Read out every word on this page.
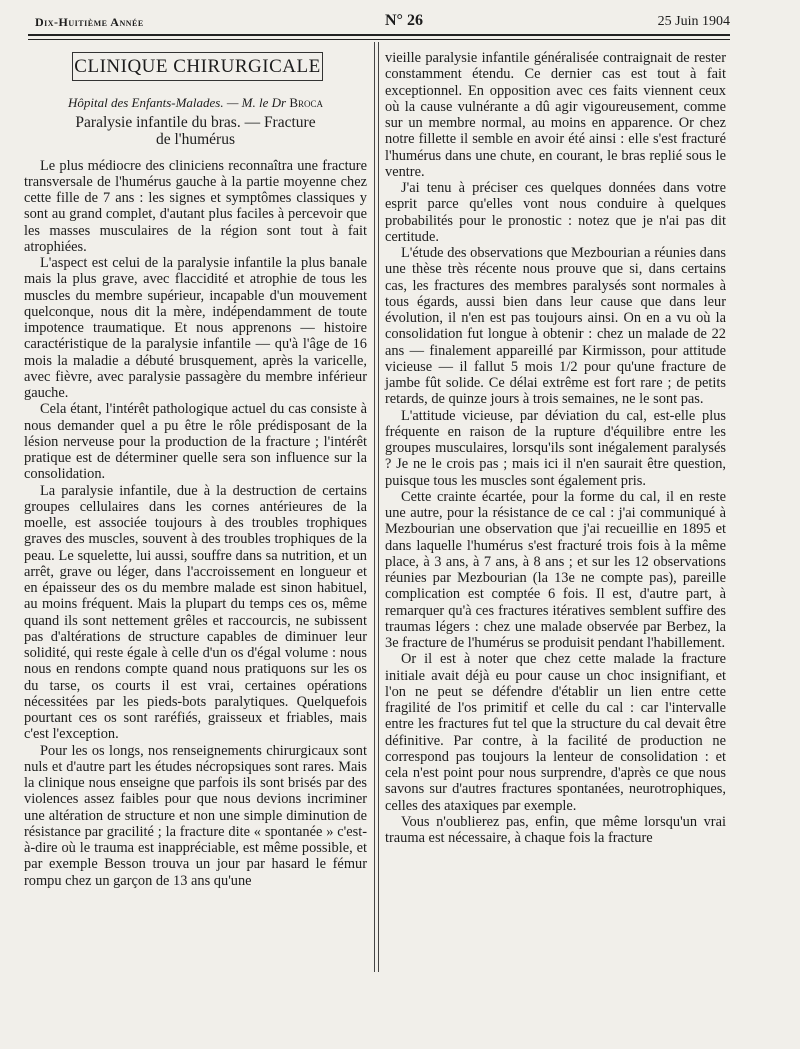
Dix-Huitième Année	N° 26	25 Juin 1904
CLINIQUE CHIRURGICALE
Hôpital des Enfants-Malades. — M. le Dr Broca
Paralysie infantile du bras. — Fracture
de l'humérus

Le plus médiocre des cliniciens reconnaîtra une fracture transversale de l'humérus gauche à la partie moyenne chez cette fille de 7 ans : les signes et symptômes classiques y sont au grand complet, d'autant plus faciles à percevoir que les masses musculaires de la région sont tout à fait atrophiées.

L'aspect est celui de la paralysie infantile la plus banale mais la plus grave, avec flaccidité et atrophie de tous les muscles du membre supérieur, incapable d'un mouvement quelconque, nous dit la mère, indépendamment de toute impotence traumatique. Et nous apprenons — histoire caractéristique de la paralysie infantile — qu'à l'âge de 16 mois la maladie a débuté brusquement, après la varicelle, avec fièvre, avec paralysie passagère du membre inférieur gauche.

Cela étant, l'intérêt pathologique actuel du cas consiste à nous demander quel a pu être le rôle prédisposant de la lésion nerveuse pour la production de la fracture ; l'intérêt pratique est de déterminer quelle sera son influence sur la consolidation.

La paralysie infantile, due à la destruction de certains groupes cellulaires dans les cornes antérieures de la moelle, est associée toujours à des troubles trophiques graves des muscles, souvent à des troubles trophiques de la peau. Le squelette, lui aussi, souffre dans sa nutrition, et un arrêt, grave ou léger, dans l'accroissement en longueur et en épaisseur des os du membre malade est sinon habituel, au moins fréquent. Mais la plupart du temps ces os, même quand ils sont nettement grêles et raccourcis, ne subissent pas d'altérations de structure capables de diminuer leur solidité, qui reste égale à celle d'un os d'égal volume : nous nous en rendons compte quand nous pratiquons sur les os du tarse, os courts il est vrai, certaines opérations nécessitées par les pieds-bots paralytiques. Quelquefois pourtant ces os sont raréfiés, graisseux et friables, mais c'est l'exception.

Pour les os longs, nos renseignements chirurgicaux sont nuls et d'autre part les études nécropsiques sont rares. Mais la clinique nous enseigne que parfois ils sont brisés par des violences assez faibles pour que nous devions incriminer une altération de structure et non une simple diminution de résistance par gracilité ; la fracture dite « spontanée » c'est-à-dire où le trauma est inappréciable, est même possible, et par exemple Besson trouva un jour par hasard le fémur rompu chez un garçon de 13 ans qu'une

vieille paralysie infantile généralisée contraignait de rester constamment étendu. Ce dernier cas est tout à fait exceptionnel. En opposition avec ces faits viennent ceux où la cause vulnérante a dû agir vigoureusement, comme sur un membre normal, au moins en apparence. Or chez notre fillette il semble en avoir été ainsi : elle s'est fracturé l'humérus dans une chute, en courant, le bras replié sous le ventre.

J'ai tenu à préciser ces quelques données dans votre esprit parce qu'elles vont nous conduire à quelques probabilités pour le pronostic : notez que je n'ai pas dit certitude.

L'étude des observations que Mezbourian a réunies dans une thèse très récente nous prouve que si, dans certains cas, les fractures des membres paralysés sont normales à tous égards, aussi bien dans leur cause que dans leur évolution, il n'en est pas toujours ainsi. On en a vu où la consolidation fut longue à obtenir : chez un malade de 22 ans — finalement appareillé par Kirmisson, pour attitude vicieuse — il fallut 5 mois 1/2 pour qu'une fracture de jambe fût solide. Ce délai extrême est fort rare ; de petits retards, de quinze jours à trois semaines, ne le sont pas.

L'attitude vicieuse, par déviation du cal, est-elle plus fréquente en raison de la rupture d'équilibre entre les groupes musculaires, lorsqu'ils sont inégalement paralysés ? Je ne le crois pas ; mais ici il n'en saurait être question, puisque tous les muscles sont également pris.

Cette crainte écartée, pour la forme du cal, il en reste une autre, pour la résistance de ce cal : j'ai communiqué à Mezbourian une observation que j'ai recueillie en 1895 et dans laquelle l'humérus s'est fracturé trois fois à la même place, à 3 ans, à 7 ans, à 8 ans ; et sur les 12 observations réunies par Mezbourian (la 13e ne compte pas), pareille complication est comptée 6 fois. Il est, d'autre part, à remarquer qu'à ces fractures itératives semblent suffire des traumas légers : chez une malade observée par Berbez, la 3e fracture de l'humérus se produisit pendant l'habillement.

Or il est à noter que chez cette malade la fracture initiale avait déjà eu pour cause un choc insignifiant, et l'on ne peut se défendre d'établir un lien entre cette fragilité de l'os primitif et celle du cal : car l'intervalle entre les fractures fut tel que la structure du cal devait être définitive. Par contre, à la facilité de production ne correspond pas toujours la lenteur de consolidation : et cela n'est point pour nous surprendre, d'après ce que nous savons sur d'autres fractures spontanées, neurotrophiques, celles des ataxiques par exemple.

Vous n'oublierez pas, enfin, que même lorsqu'un vrai trauma est nécessaire, à chaque fois la fracture
